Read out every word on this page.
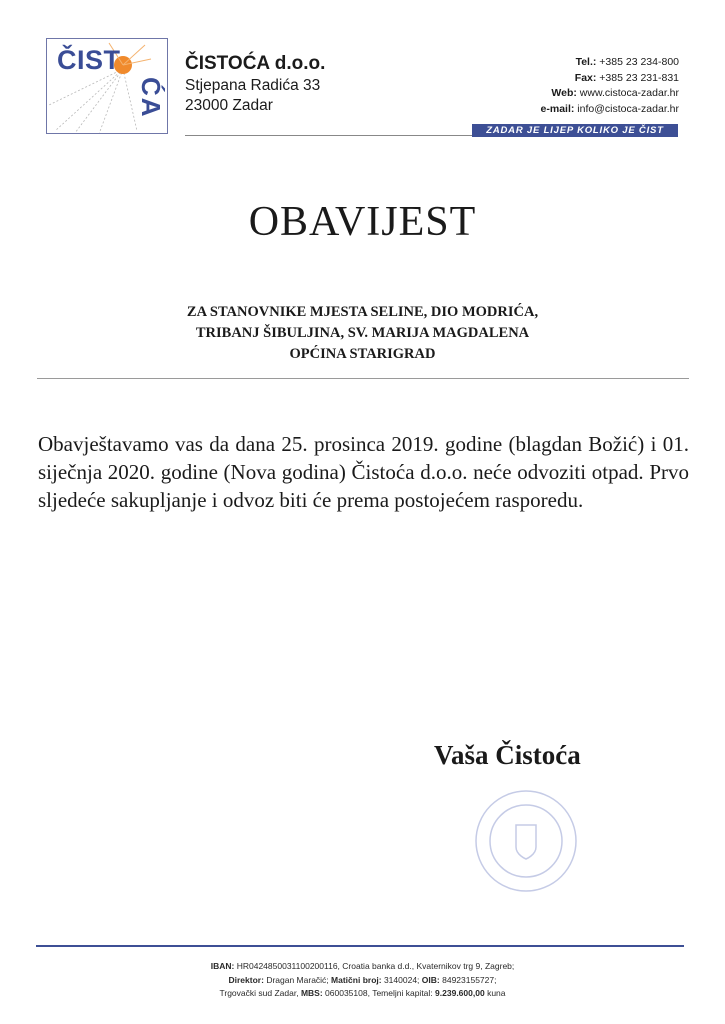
ČIST
ĆA
ČISTOĆA d.o.o.
Stjepana Radića 33
23000 Zadar
Tel.: +385 23 234-800
Fax: +385 23 231-831
Web: www.cistoca-zadar.hr
e-mail: info@cistoca-zadar.hr
ZADAR JE LIJEP KOLIKO JE ČIST
OBAVIJEST
ZA STANOVNIKE MJESTA SELINE, DIO MODRIĆA,
TRIBANJ ŠIBULJINA, SV. MARIJA MAGDALENA
OPĆINA STARIGRAD
Obavještavamo vas da dana 25. prosinca 2019. godine (blagdan Božić) i 01. siječnja 2020. godine (Nova godina) Čistoća d.o.o. neće odvoziti otpad. Prvo sljedeće sakupljanje i odvoz biti će prema postojećem rasporedu.
Vaša Čistoća
IBAN: HR0424850031100200116, Croatia banka d.d., Kvaternikov trg 9, Zagreb;
Direktor: Dragan Maračić; Matični broj: 3140024; OIB: 84923155727;
Trgovački sud Zadar, MBS: 060035108, Temeljni kapital: 9.239.600,00 kuna
